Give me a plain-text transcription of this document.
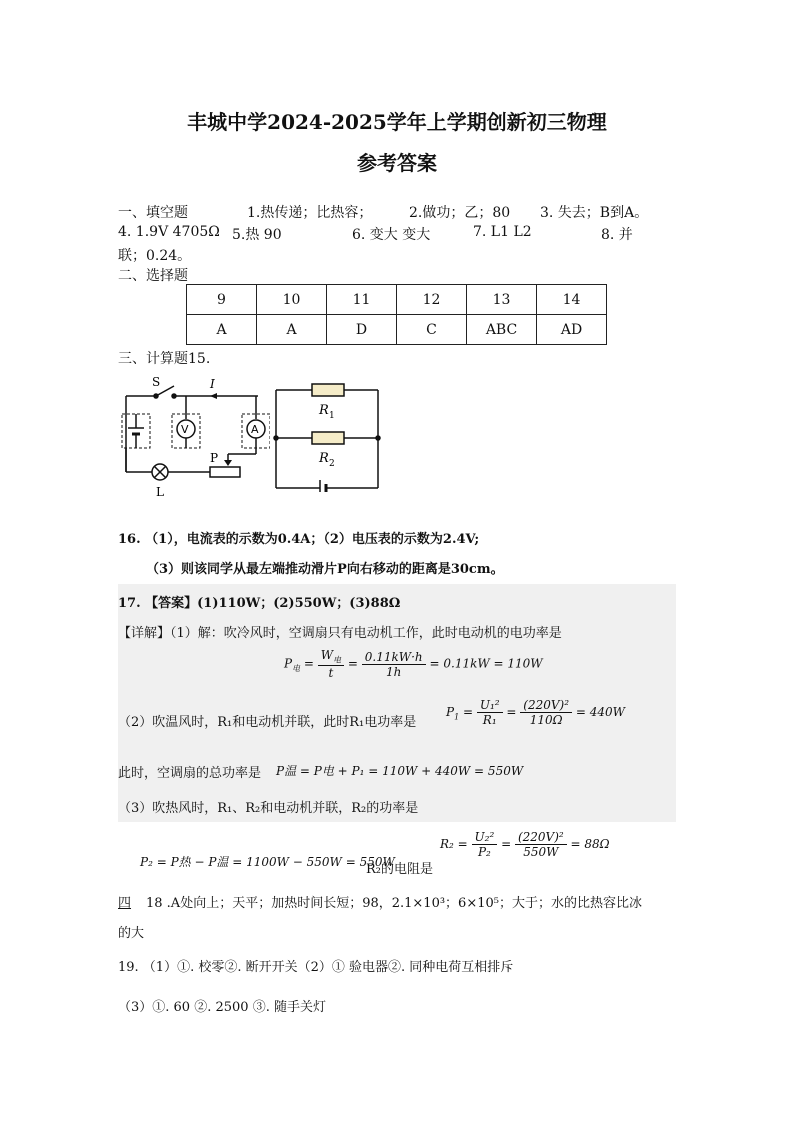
丰城中学2024-2025学年上学期创新初三物理
参考答案
一、填空题	1.热传递；比热容；	2.做功；乙；80 3. 失去；B到A。
4. 1.9V 4705Ω 5.热 90	6. 变大 变大	7. L1 L2	8. 并
联；0.24。
二、选择题
9	10	11	12	13	14
A	A	D	C	ABC	AD
三、计算题15.
S	I
V	A
P
L
R 1
R 2
16. （1），电流表的示数为0.4A；（2）电压表的示数为2.4V;
（3）则该同学从最左端推动滑片P向右移动的距离是30cm。
17. 【答案】(1)110W；(2)550W；(3)88Ω
【详解】（1）解：吹冷风时，空调扇只有电动机工作，此时电动机的电功率是
$P_电 = \frac{W_电}{t} = \frac{0.11kW\cdot h}{1h} = 0.11kW = 110W$
（2）吹温风时，R₁和电动机并联，此时R₁电功率是
$P_1 = \frac{\text{U₁²}}{\text{R₁}} = \frac{\text{(220V)²}}{110\Omega} = 440W$
此时，空调扇的总功率是 P温 = P电 + P₁ = 110W + 440W = 550W
（3）吹热风时，R₁、R₂和电动机并联，R₂的功率是
P₂ = P热 − P温 = 1100W − 550W = 550W
R₂的电阻是
$R_2 = \frac{\text{U₂²}}{\text{P₂}} = \frac{\text{(220V)²}}{550W} = 88\Omega$
四 18 .A处向上；天平；加热时间长短；98，2.1×10³；6×10⁵；大于；水的比热容比冰
的大
19. （1）①. 校零②. 断开开关（2）① 验电器②. 同种电荷互相排斥
（3）①. 60 ②. 2500 ③. 随手关灯
